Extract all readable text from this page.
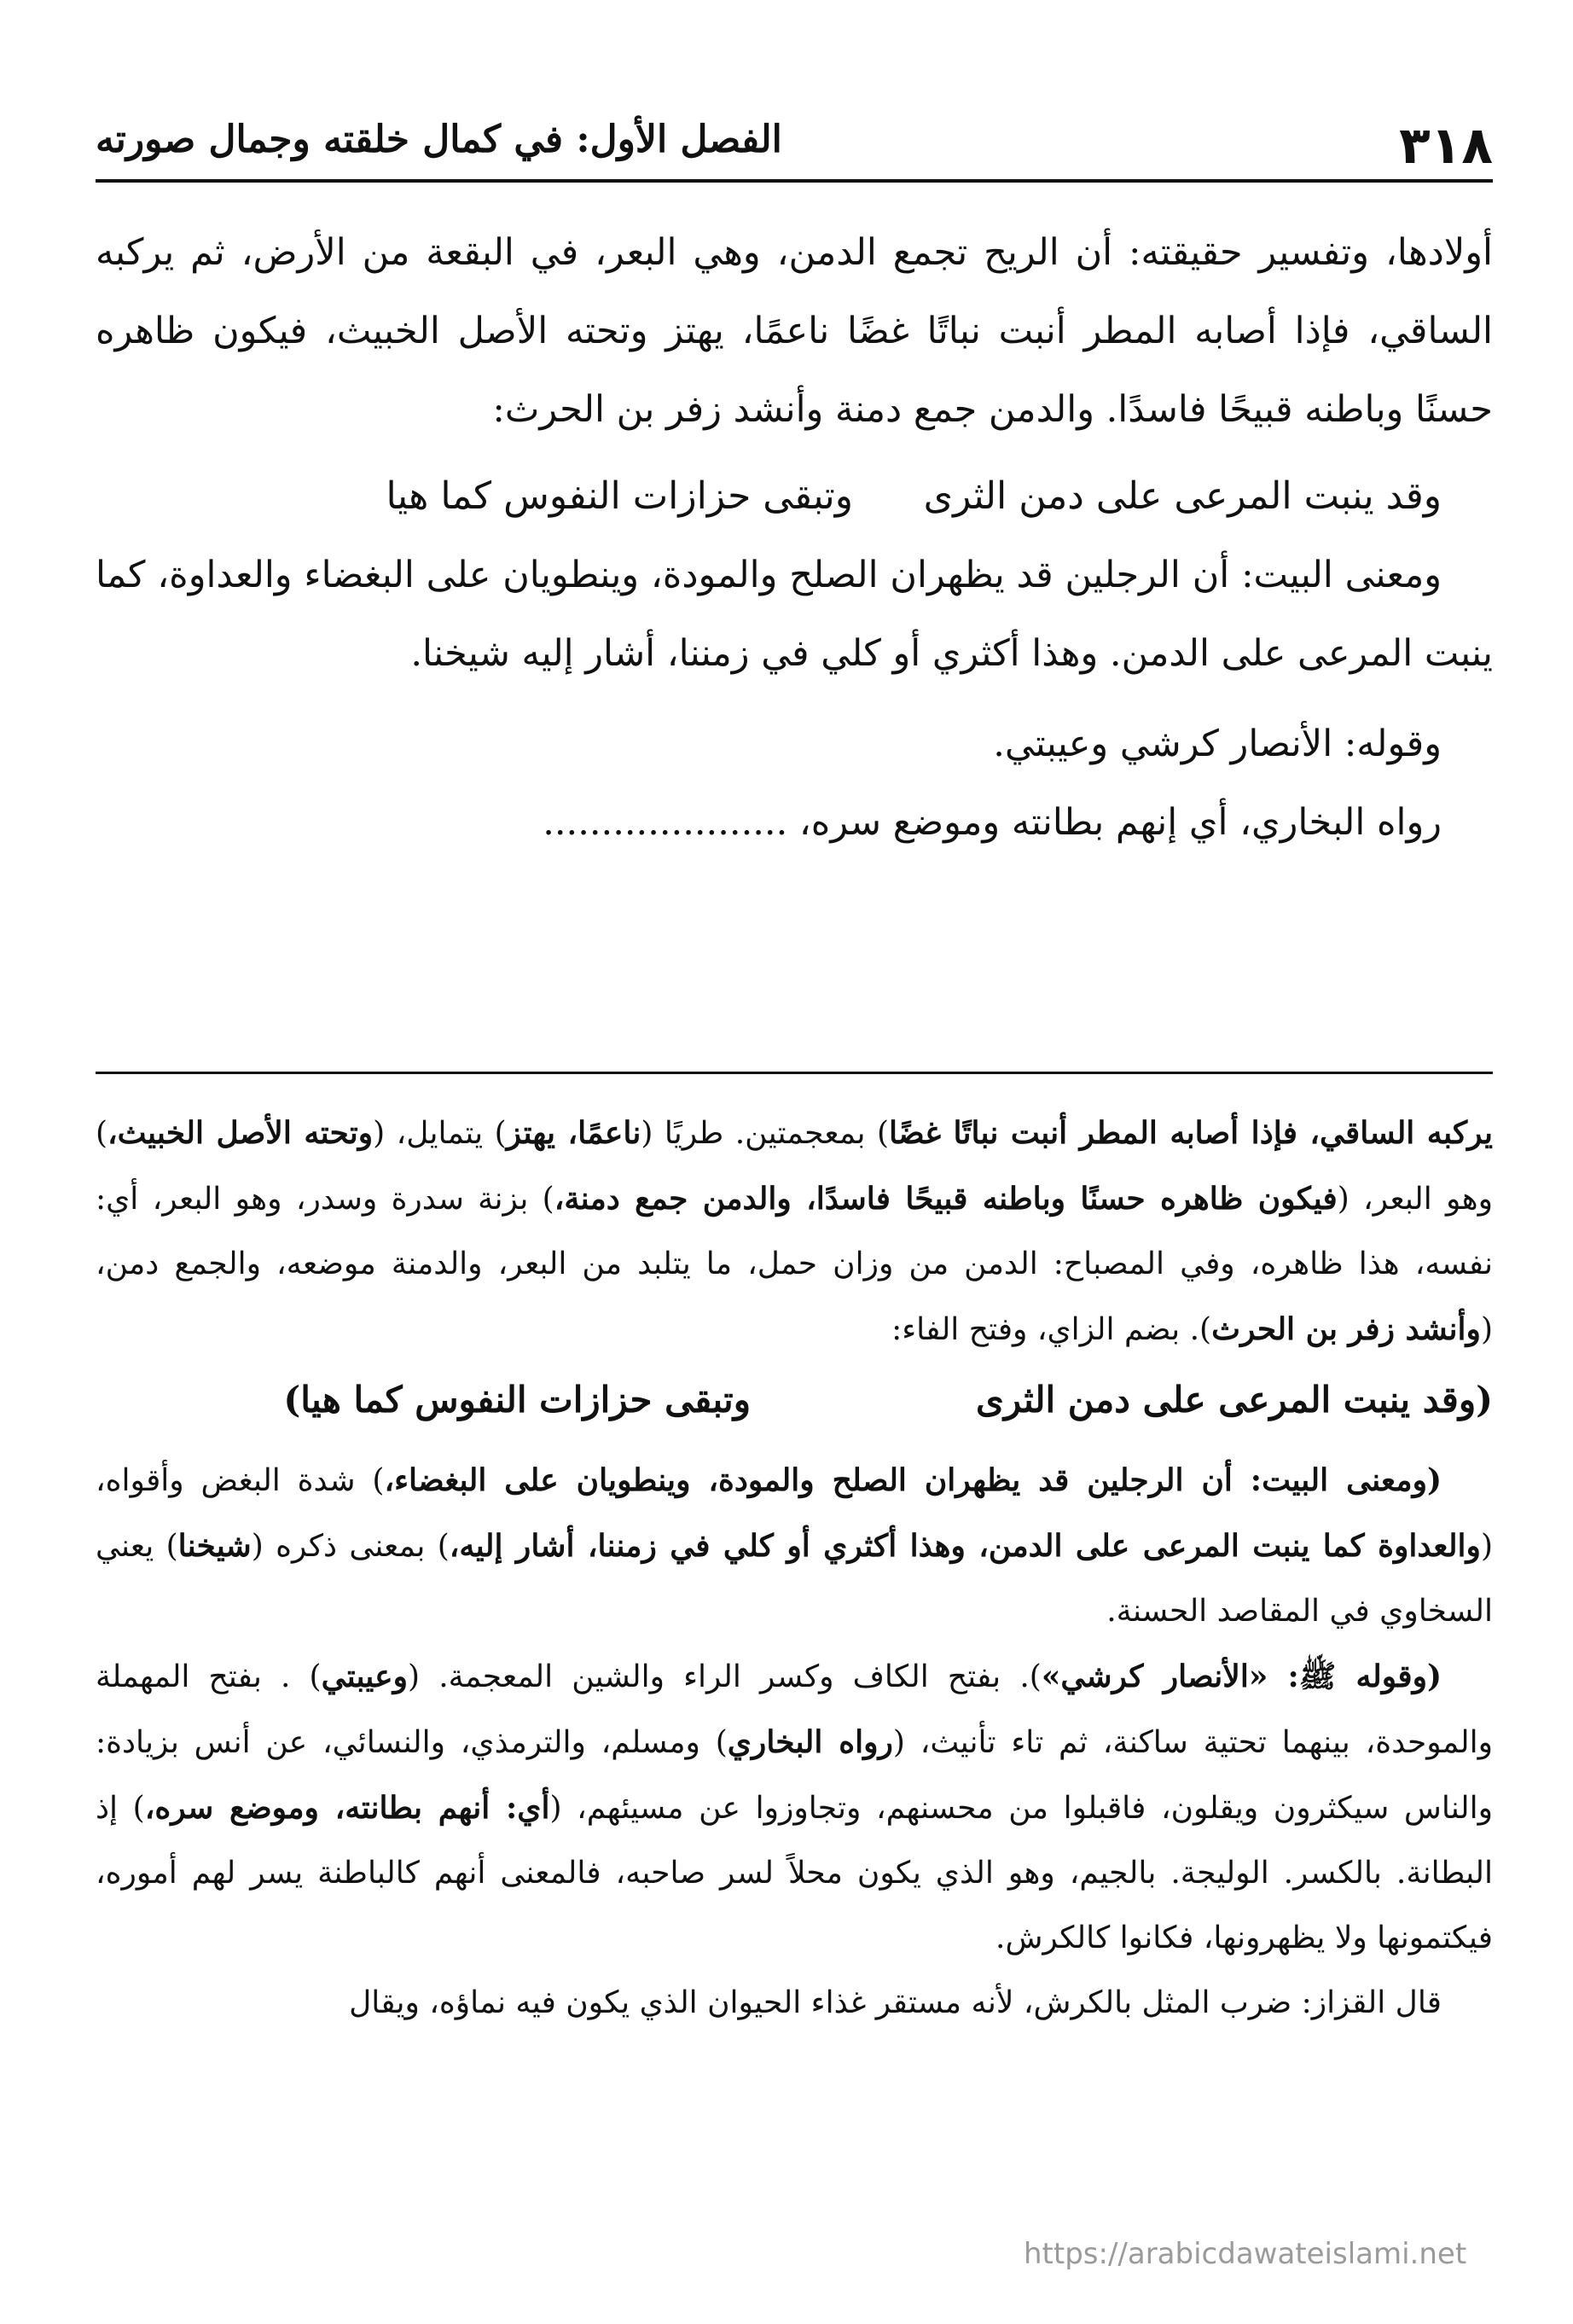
٣١٨
الفصل الأول: في كمال خلقته وجمال صورته

أولادها، وتفسير حقيقته: أن الريح تجمع الدمن، وهي البعر، في البقعة من الأرض، ثم يركبه الساقي، فإذا أصابه المطر أنبت نباتًا غضًا ناعمًا، يهتز وتحته الأصل الخبيث، فيكون ظاهره حسنًا وباطنه قبيحًا فاسدًا. والدمن جمع دمنة وأنشد زفر بن الحرث:

وقد ينبت المرعى على دمن الثرى
وتبقى حزازات النفوس كما هيا

ومعنى البيت: أن الرجلين قد يظهران الصلح والمودة، وينطويان على البغضاء والعداوة، كما ينبت المرعى على الدمن. وهذا أكثري أو كلي في زمننا، أشار إليه شيخنا.

وقوله: الأنصار كرشي وعيبتي.

رواه البخاري، أي إنهم بطانته وموضع سره، .....................

يركبه الساقي، فإذا أصابه المطر أنبت نباتًا غضًا) بمعجمتين. طريًا (ناعمًا، يهتز) يتمايل، (وتحته الأصل الخبيث،) وهو البعر، (فيكون ظاهره حسنًا وباطنه قبيحًا فاسدًا، والدمن جمع دمنة،) بزنة سدرة وسدر، وهو البعر، أي: نفسه، هذا ظاهره، وفي المصباح: الدمن من وزان حمل، ما يتلبد من البعر، والدمنة موضعه، والجمع دمن، (وأنشد زفر بن الحرث). بضم الزاي، وفتح الفاء:

(وقد ينبت المرعى على دمن الثرى
وتبقى حزازات النفوس كما هيا)

(ومعنى البيت: أن الرجلين قد يظهران الصلح والمودة، وينطويان على البغضاء،) شدة البغض وأقواه، (والعداوة كما ينبت المرعى على الدمن، وهذا أكثري أو كلي في زمننا، أشار إليه،) بمعنى ذكره (شيخنا) يعني السخاوي في المقاصد الحسنة.

(وقوله ﷺ: «الأنصار كرشي»). بفتح الكاف وكسر الراء والشين المعجمة. (وعيبتي) . بفتح المهملة والموحدة، بينهما تحتية ساكنة، ثم تاء تأنيث، (رواه البخاري) ومسلم، والترمذي، والنسائي، عن أنس بزيادة: والناس سيكثرون ويقلون، فاقبلوا من محسنهم، وتجاوزوا عن مسيئهم، (أي: أنهم بطانته، وموضع سره،) إذ البطانة. بالكسر. الوليجة. بالجيم، وهو الذي يكون محلاً لسر صاحبه، فالمعنى أنهم كالباطنة يسر لهم أموره، فيكتمونها ولا يظهرونها، فكانوا كالكرش.

قال القزاز: ضرب المثل بالكرش، لأنه مستقر غذاء الحيوان الذي يكون فيه نماؤه، ويقال

https://arabicdawateislami.net
